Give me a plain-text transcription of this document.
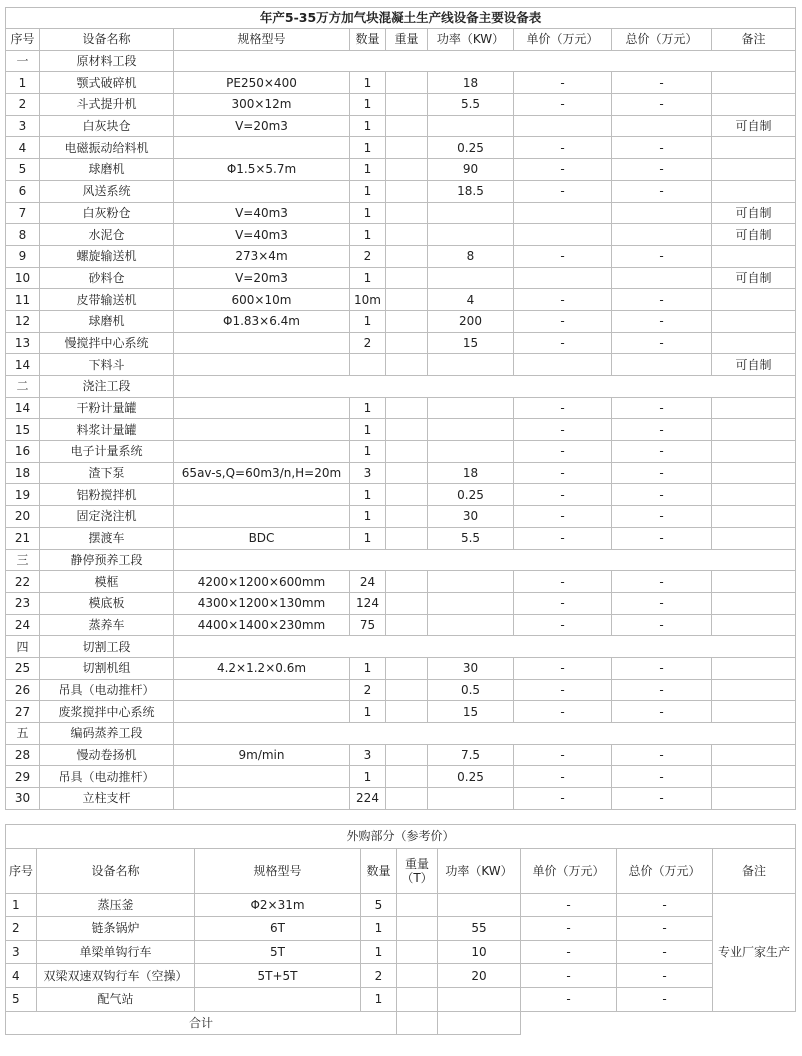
年产5-35万方加气块混凝土生产线设备主要设备表								
序号	设备名称	规格型号	数量	重量	功率（KW）	单价（万元）	总价（万元）	备注
一	原材料工段							
1	颚式破碎机	PE250×400	1		18	-	-	
2	斗式提升机	300×12m	1		5.5	-	-	
3	白灰块仓	V=20m3	1					可自制
4	电磁振动给料机		1		0.25	-	-	
5	球磨机	Φ1.5×5.7m	1		90	-	-	
6	风送系统		1		18.5	-	-	
7	白灰粉仓	V=40m3	1					可自制
8	水泥仓	V=40m3	1					可自制
9	螺旋输送机	273×4m	2		8	-	-	
10	砂料仓	V=20m3	1					可自制
11	皮带输送机	600×10m	10m		4	-	-	
12	球磨机	Φ1.83×6.4m	1		200	-	-	
13	慢搅拌中心系统		2		15	-	-	
14	下料斗							可自制
二	浇注工段							
14	干粉计量罐		1			-	-	
15	料浆计量罐		1			-	-	
16	电子计量系统		1			-	-	
18	渣下泵	65av-s,Q=60m3/n,H=20m	3		18	-	-	
19	铝粉搅拌机		1		0.25	-	-	
20	固定浇注机		1		30	-	-	
21	摆渡车	BDC	1		5.5	-	-	
三	静停预养工段							
22	模框	4200×1200×600mm	24			-	-	
23	模底板	4300×1200×130mm	124			-	-	
24	蒸养车	4400×1400×230mm	75			-	-	
四	切割工段							
25	切割机组	4.2×1.2×0.6m	1		30	-	-	
26	吊具（电动推杆）		2		0.5	-	-	
27	废浆搅拌中心系统		1		15	-	-	
五	编码蒸养工段							
28	慢动卷扬机	9m/min	3		7.5	-	-	
29	吊具（电动推杆）		1		0.25	-	-	
30	立柱支杆		224			-	-	
外购部分（参考价）								
序号	设备名称	规格型号	数量	重量（T）	功率（KW）	单价（万元）	总价（万元）	备注
1	蒸压釜	Φ2×31m	5			-	-	专业厂家生产
2	链条锅炉	6T	1		55	-	-	
3	单梁单钩行车	5T	1		10	-	-	
4	双梁双速双钩行车（空操）	5T+5T	2		20	-	-	
5	配气站		1			-	-	
合计								
